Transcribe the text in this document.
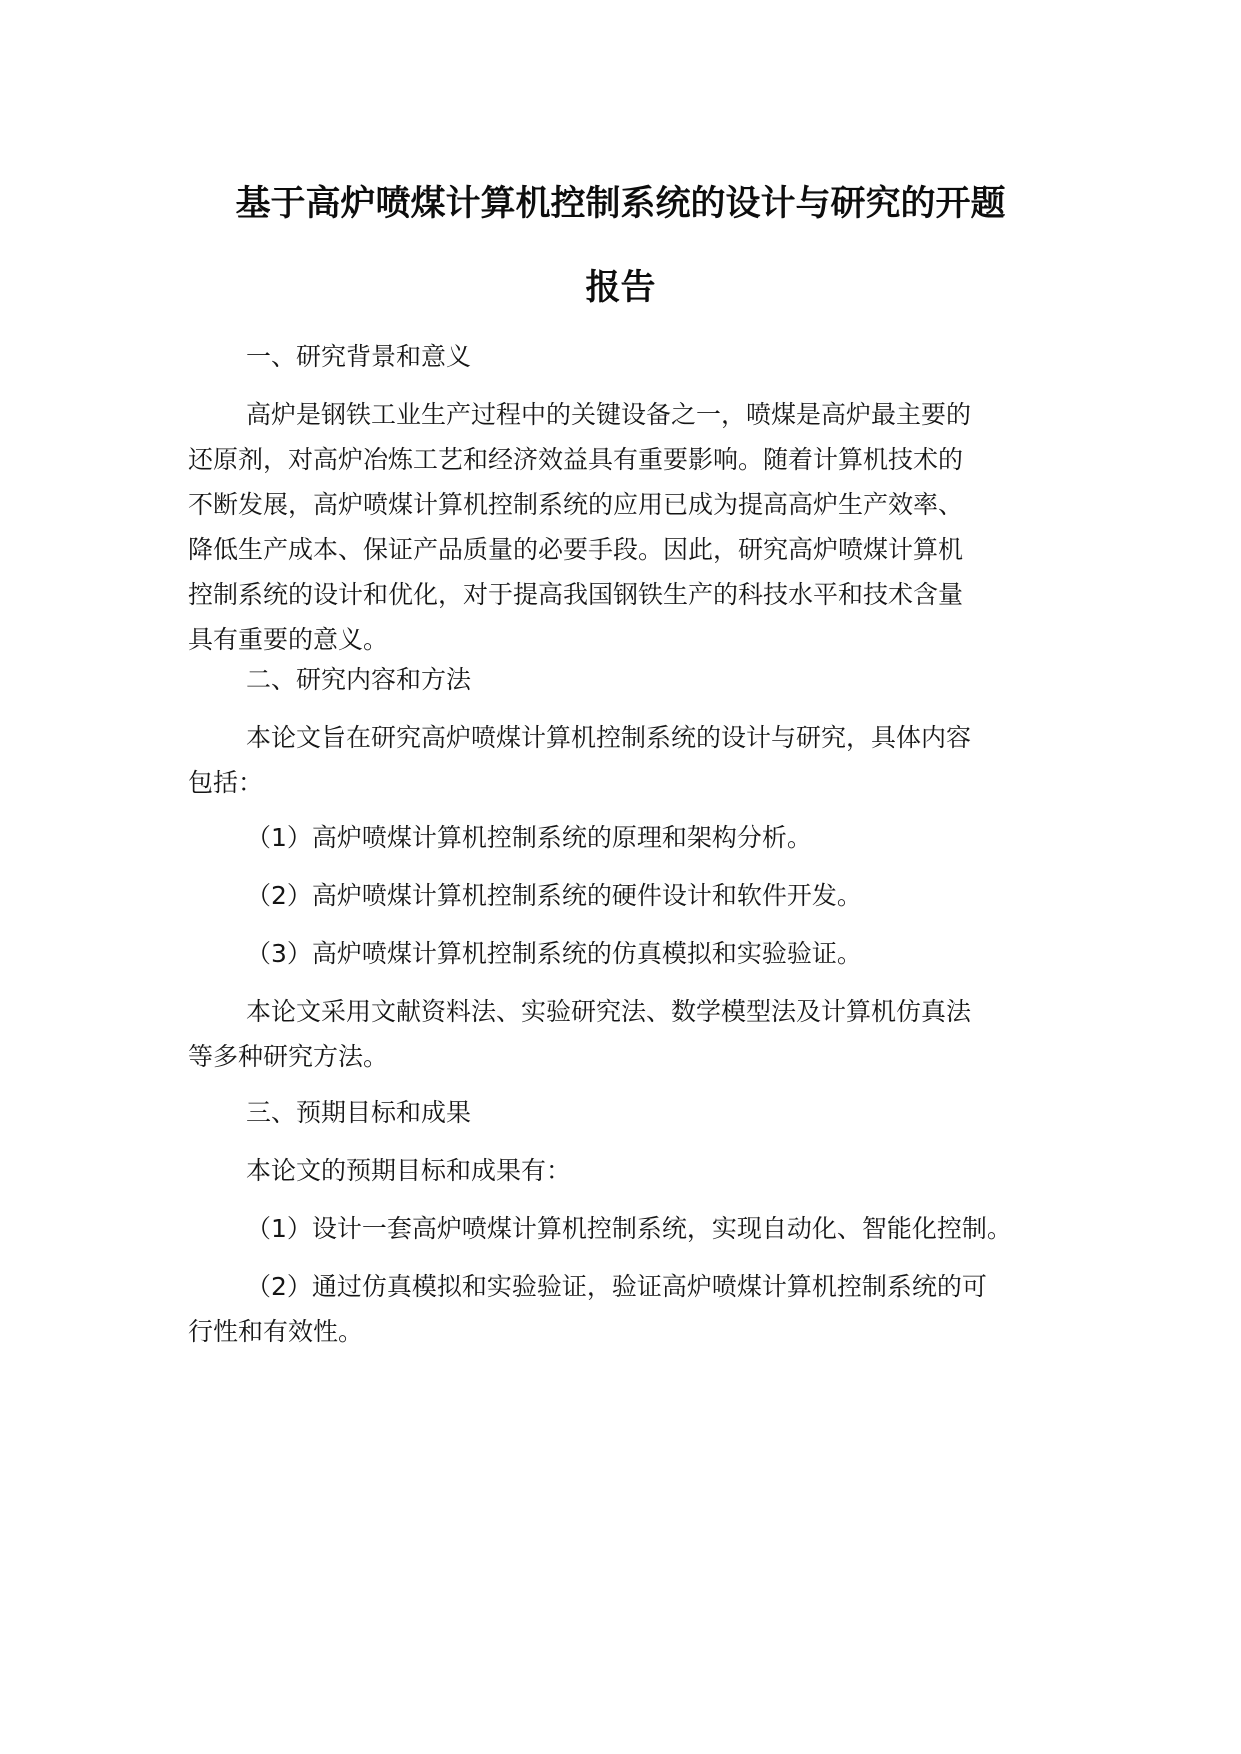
基于高炉喷煤计算机控制系统的设计与研究的开题
报告
一、研究背景和意义

高炉是钢铁工业生产过程中的关键设备之一，喷煤是高炉最主要的

还原剂，对高炉冶炼工艺和经济效益具有重要影响。随着计算机技术的

不断发展，高炉喷煤计算机控制系统的应用已成为提高高炉生产效率、

降低生产成本、保证产品质量的必要手段。因此，研究高炉喷煤计算机

控制系统的设计和优化，对于提高我国钢铁生产的科技水平和技术含量

具有重要的意义。

二、研究内容和方法

本论文旨在研究高炉喷煤计算机控制系统的设计与研究，具体内容

包括：

（1）高炉喷煤计算机控制系统的原理和架构分析。
（2）高炉喷煤计算机控制系统的硬件设计和软件开发。
（3）高炉喷煤计算机控制系统的仿真模拟和实验验证。

本论文采用文献资料法、实验研究法、数学模型法及计算机仿真法

等多种研究方法。

三、预期目标和成果
本论文的预期目标和成果有：
（1）设计一套高炉喷煤计算机控制系统，实现自动化、智能化控制。

（2）通过仿真模拟和实验验证，验证高炉喷煤计算机控制系统的可

行性和有效性。
